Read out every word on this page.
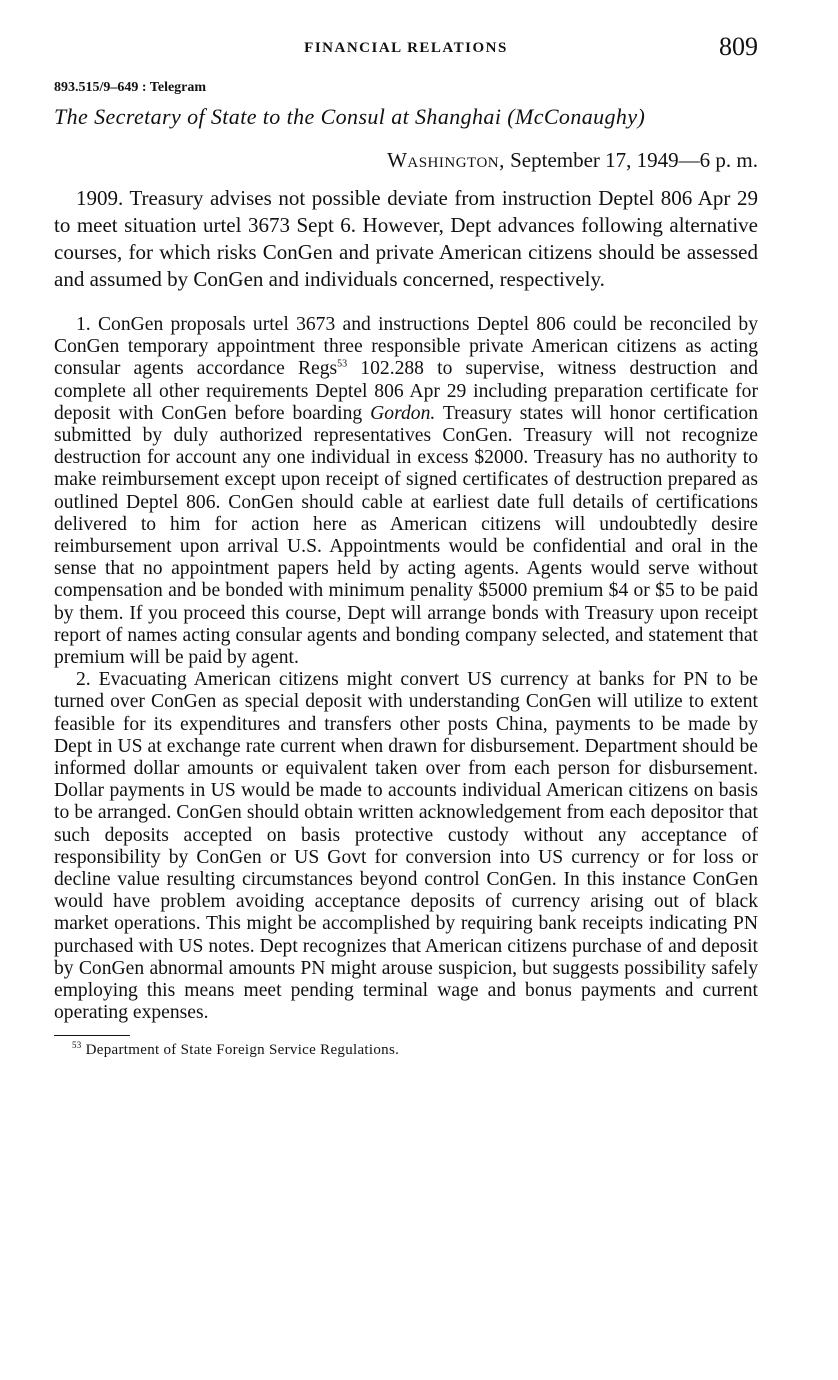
FINANCIAL RELATIONS	809
893.515/9–649 : Telegram
The Secretary of State to the Consul at Shanghai (McConaughy)
Washington, September 17, 1949—6 p. m.

1909. Treasury advises not possible deviate from instruction Deptel 806 Apr 29 to meet situation urtel 3673 Sept 6. However, Dept advances following alternative courses, for which risks ConGen and private American citizens should be assessed and assumed by ConGen and individuals concerned, respectively.

1. ConGen proposals urtel 3673 and instructions Deptel 806 could be reconciled by ConGen temporary appointment three responsible private American citizens as acting consular agents accordance Regs$^{53}$ 102.288 to supervise, witness destruction and complete all other requirements Deptel 806 Apr 29 including preparation certificate for deposit with ConGen before boarding Gordon. Treasury states will honor certification submitted by duly authorized representatives ConGen. Treasury will not recognize destruction for account any one individual in excess $2000. Treasury has no authority to make reimbursement except upon receipt of signed certificates of destruction prepared as outlined Deptel 806. ConGen should cable at earliest date full details of certifications delivered to him for action here as American citizens will undoubtedly desire reimbursement upon arrival U.S. Appointments would be confidential and oral in the sense that no appointment papers held by acting agents. Agents would serve without compensation and be bonded with minimum penality $5000 premium $4 or $5 to be paid by them. If you proceed this course, Dept will arrange bonds with Treasury upon receipt report of names acting consular agents and bonding company selected, and statement that premium will be paid by agent.

2. Evacuating American citizens might convert US currency at banks for PN to be turned over ConGen as special deposit with understanding ConGen will utilize to extent feasible for its expenditures and transfers other posts China, payments to be made by Dept in US at exchange rate current when drawn for disbursement. Department should be informed dollar amounts or equivalent taken over from each person for disbursement. Dollar payments in US would be made to accounts individual American citizens on basis to be arranged. ConGen should obtain written acknowledgement from each depositor that such deposits accepted on basis protective custody without any acceptance of responsibility by ConGen or US Govt for conversion into US currency or for loss or decline value resulting circumstances beyond control ConGen. In this instance ConGen would have problem avoiding acceptance deposits of currency arising out of black market operations. This might be accomplished by requiring bank receipts indicating PN purchased with US notes. Dept recognizes that American citizens purchase of and deposit by ConGen abnormal amounts PN might arouse suspicion, but suggests possibility safely employing this means meet pending terminal wage and bonus payments and current operating expenses.

$^{53}$ Department of State Foreign Service Regulations.
